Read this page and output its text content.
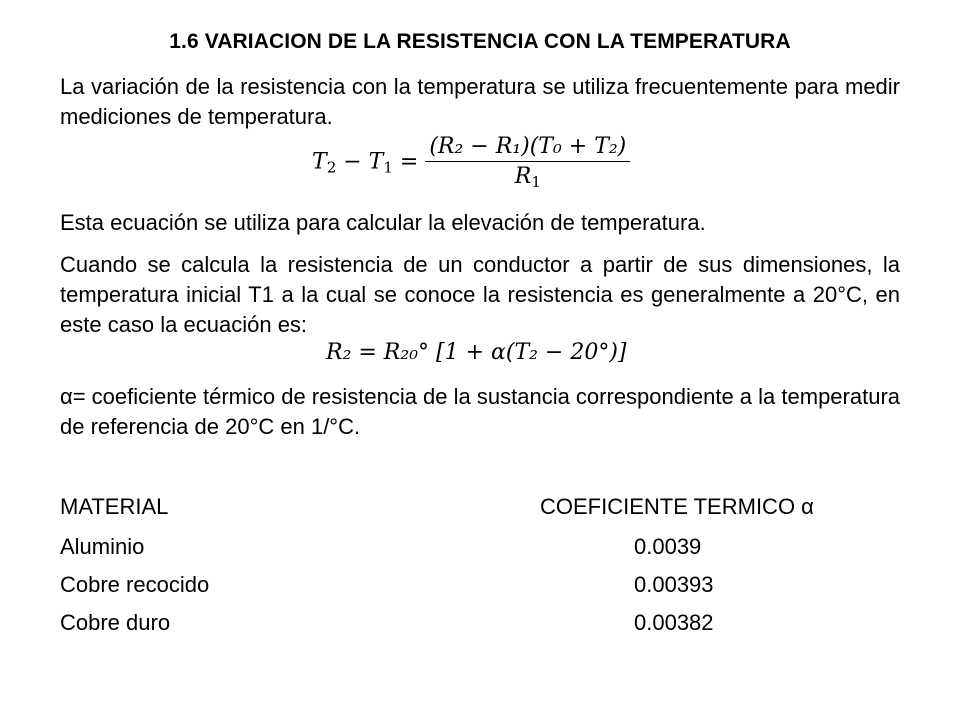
1.6 VARIACION DE LA RESISTENCIA CON LA TEMPERATURA
La variación de la resistencia con la temperatura se utiliza frecuentemente para medir mediciones de temperatura.
$T_2 - T_1 = \frac{\text{(R₂ − R₁)(T₀ + T₂)}}{R_1}$
Esta ecuación se utiliza para calcular la elevación de temperatura.
Cuando se calcula la resistencia de un conductor a partir de sus dimensiones, la temperatura inicial T1 a la cual se conoce la resistencia es generalmente a 20°C, en este caso la ecuación es:
R₂ = R₂₀° [1 + α(T₂ − 20°)]
α= coeficiente térmico de resistencia de la sustancia correspondiente a la temperatura de referencia de 20°C en 1/°C.
MATERIAL	COEFICIENTE TERMICO α
Aluminio	0.0039
Cobre recocido	0.00393
Cobre duro	0.00382
